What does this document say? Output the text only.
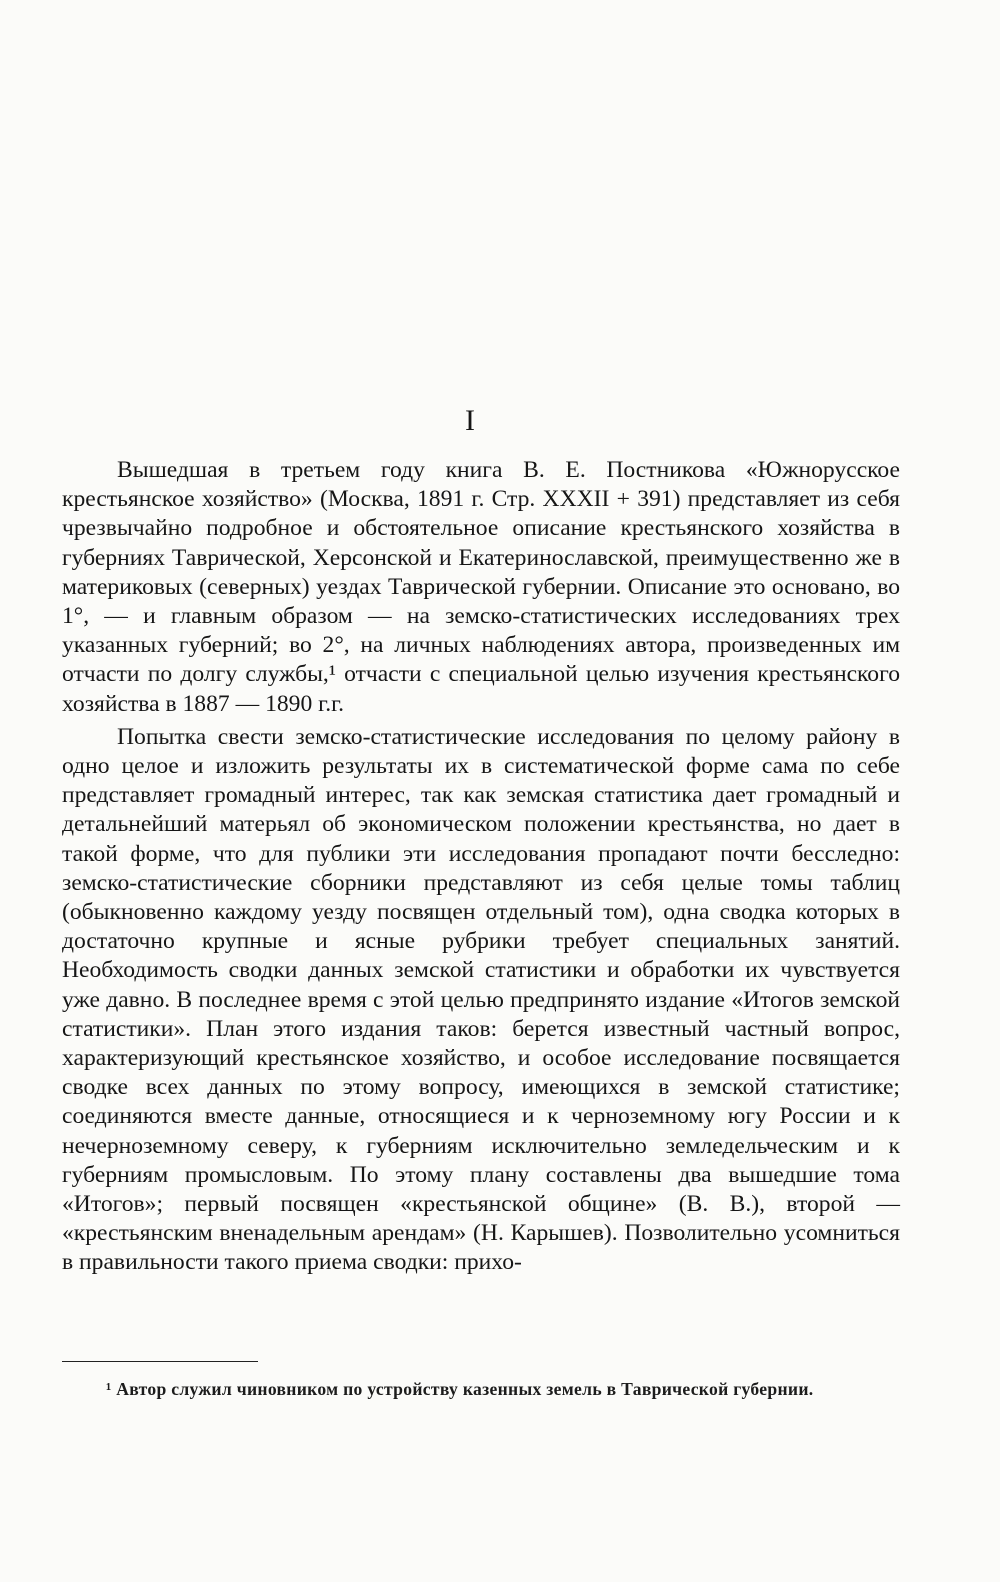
I

Вышедшая в третьем году книга В. Е. Постникова «Южнорусское крестьянское хозяйство» (Москва, 1891 г. Стр. XXXII + 391) представляет из себя чрезвычайно подробное и обстоятельное описание крестьянского хозяйства в губерниях Таврической, Херсонской и Екатеринославской, преимущественно же в материковых (северных) уездах Таврической губернии. Описание это основано, во 1°, — и главным образом — на земско-статистических исследованиях трех указанных губерний; во 2°, на личных наблюдениях автора, произведенных им отчасти по долгу службы,¹ отчасти с специальной целью изучения крестьянского хозяйства в 1887 — 1890 г.г.

Попытка свести земско-статистические исследования по целому району в одно целое и изложить результаты их в систематической форме сама по себе представляет громадный интерес, так как земская статистика дает громадный и детальнейший матерьял об экономическом положении крестьянства, но дает в такой форме, что для публики эти исследования пропадают почти бесследно: земско-статистические сборники представляют из себя целые томы таблиц (обыкновенно каждому уезду посвящен отдельный том), одна сводка которых в достаточно крупные и ясные рубрики требует специальных занятий. Необходимость сводки данных земской статистики и обработки их чувствуется уже давно. В последнее время с этой целью предпринято издание «Итогов земской статистики». План этого издания таков: берется известный частный вопрос, характеризующий крестьянское хозяйство, и особое исследование посвящается сводке всех данных по этому вопросу, имеющихся в земской статистике; соединяются вместе данные, относящиеся и к черноземному югу России и к нечерноземному северу, к губерниям исключительно земледельческим и к губерниям промысловым. По этому плану составлены два вышедшие тома «Итогов»; первый посвящен «крестьянской общине» (В. В.), второй — «крестьянским вненадельным арендам» (Н. Карышев). Позволительно усомниться в правильности такого приема сводки: прихо-

¹ Автор служил чиновником по устройству казенных земель в Таврической губернии.
